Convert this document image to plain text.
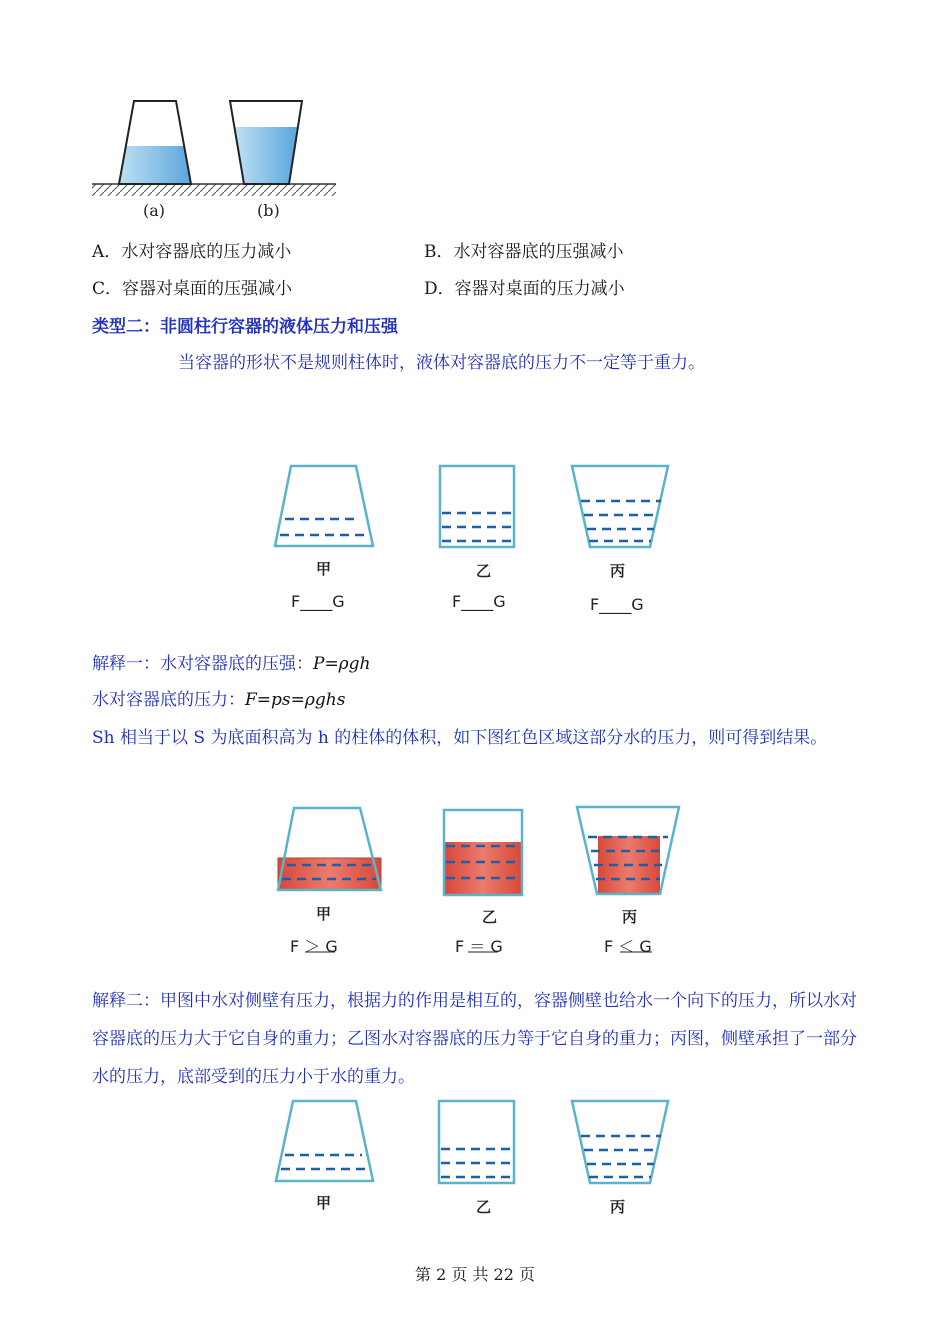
(a)	(b)
A．水对容器底的压力减小	B．水对容器底的压强减小
C．容器对桌面的压强减小	D．容器对桌面的压力减小
类型二：非圆柱行容器的液体压力和压强
当容器的形状不是规则柱体时，液体对容器底的压力不一定等于重力。
甲	乙	丙
F____G	F____G	F____G
解释一：水对容器底的压强：P=ρgh
水对容器底的压力：F=ps=ρghs
Sh 相当于以 S 为底面积高为 h 的柱体的体积，如下图红色区域这部分水的压力，则可得到结果。
甲	乙	丙
F ＞ G	F ＝ G	F ＜ G
解释二：甲图中水对侧壁有压力，根据力的作用是相互的，容器侧壁也给水一个向下的压力，所以水对容器底的压力大于它自身的重力；乙图水对容器底的压力等于它自身的重力；丙图，侧壁承担了一部分水的压力，底部受到的压力小于水的重力。
甲	乙	丙
第 2 页 共 22 页
